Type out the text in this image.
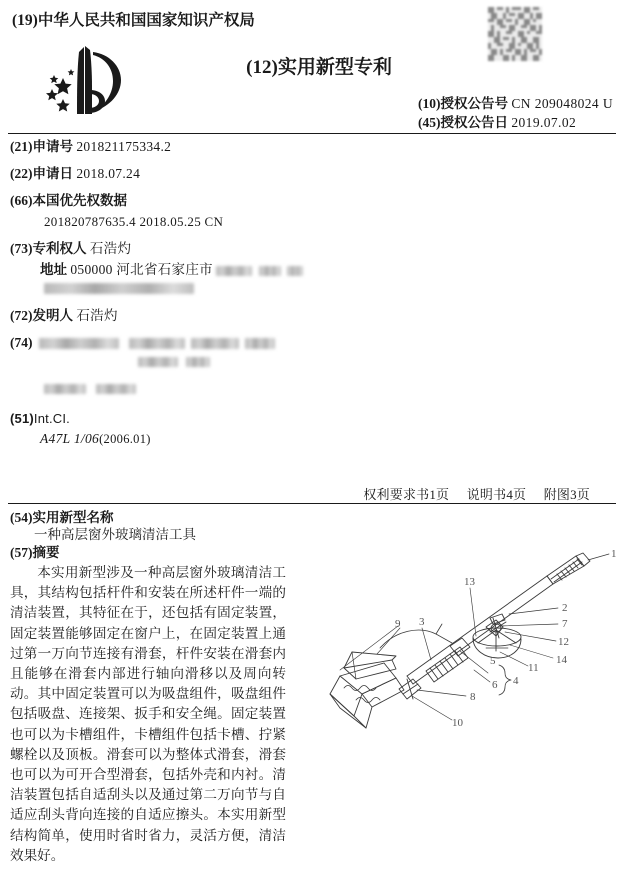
(19)中华人民共和国国家知识产权局
(12)实用新型专利
(10)授权公告号 CN 209048024 U
(45)授权公告日 2019.07.02
(21)申请号 201821175334.2
(22)申请日 2018.07.24
(66)本国优先权数据
201820787635.4 2018.05.25 CN
(73)专利权人 石浩灼
地址 050000 河北省石家庄市
(72)发明人 石浩灼
(74)
(51)Int.CI.
A47L 1/06(2006.01)
权利要求书1页 说明书4页 附图3页
(54)实用新型名称
一种高层窗外玻璃清洁工具
(57)摘要

本实用新型涉及一种高层窗外玻璃清洁工具，其结构包括杆件和安装在所述杆件一端的清洁装置，其特征在于，还包括有固定装置，固定装置能够固定在窗户上，在固定装置上通过第一万向节连接有滑套，杆件安装在滑套内且能够在滑套内部进行轴向滑移以及周向转动。其中固定装置可以为吸盘组件，吸盘组件包括吸盘、连接架、扳手和安全绳。固定装置也可以为卡槽组件，卡槽组件包括卡槽、拧紧螺栓以及顶板。滑套可以为整体式滑套，滑套也可以为可开合型滑套，包括外壳和内衬。清洁装置包括自适刮头以及通过第二万向节与自适应刮头背向连接的自适应擦头。本实用新型结构简单，使用时省时省力，灵活方便，清洁效果好。

1
2
3
4
5
6
7
8
9
10
11
12
13
14
